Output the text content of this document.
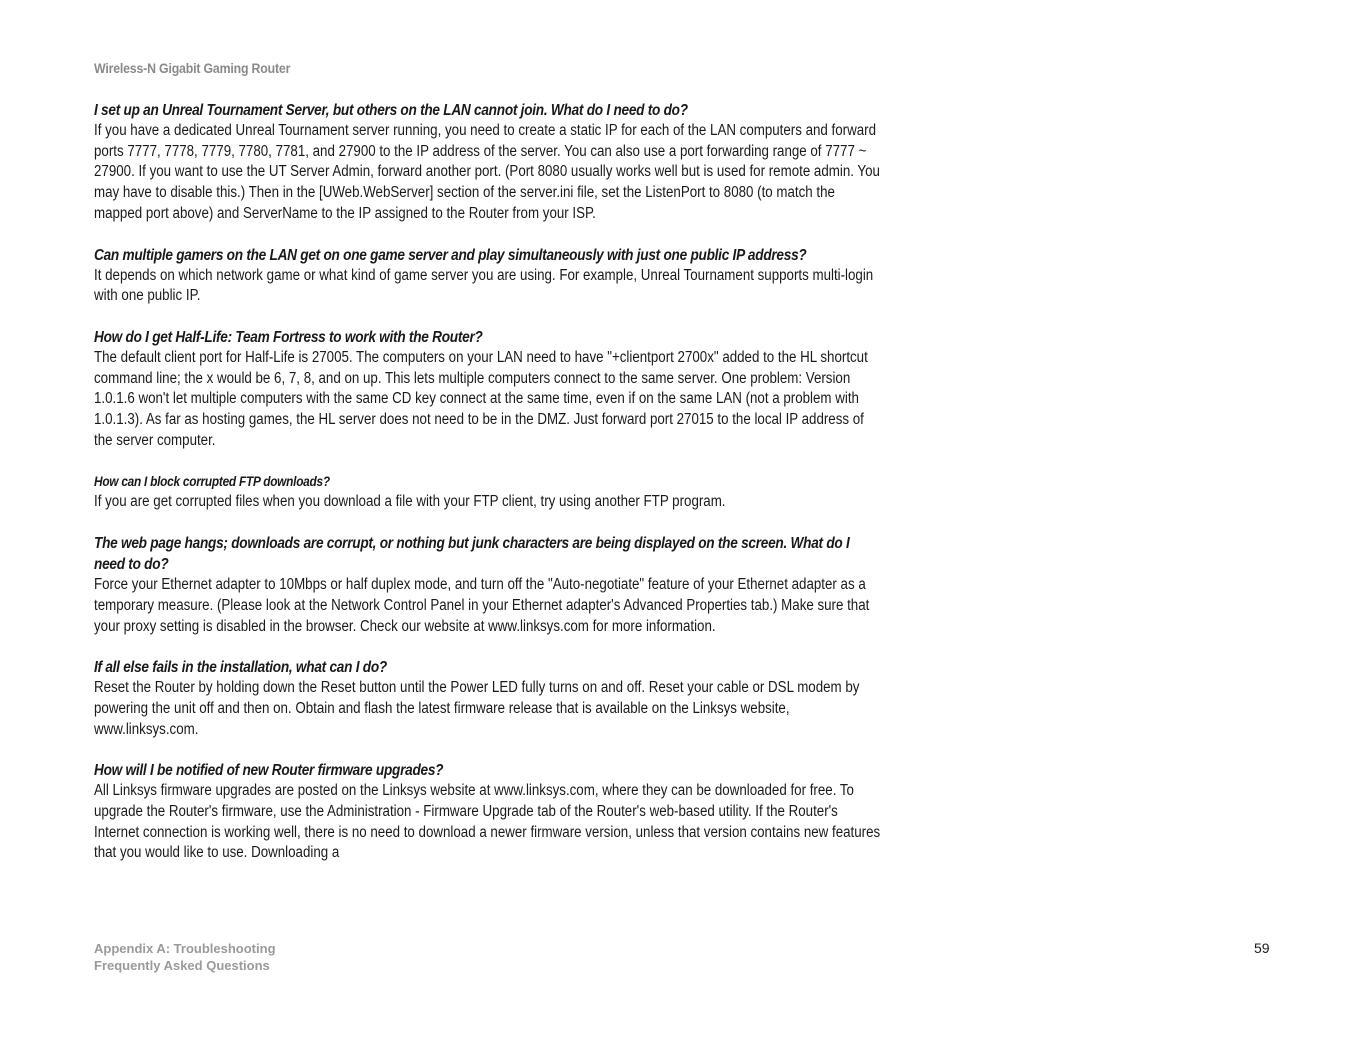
Wireless-N Gigabit Gaming Router

I set up an Unreal Tournament Server, but others on the LAN cannot join. What do I need to do?

If you have a dedicated Unreal Tournament server running, you need to create a static IP for each of the LAN computers and forward ports 7777, 7778, 7779, 7780, 7781, and 27900 to the IP address of the server. You can also use a port forwarding range of 7777 ~ 27900. If you want to use the UT Server Admin, forward another port. (Port 8080 usually works well but is used for remote admin. You may have to disable this.) Then in the [UWeb.WebServer] section of the server.ini file, set the ListenPort to 8080 (to match the mapped port above) and ServerName to the IP assigned to the Router from your ISP.

Can multiple gamers on the LAN get on one game server and play simultaneously with just one public IP address?

It depends on which network game or what kind of game server you are using. For example, Unreal Tournament supports multi-login with one public IP.

How do I get Half-Life: Team Fortress to work with the Router?

The default client port for Half-Life is 27005. The computers on your LAN need to have "+clientport 2700x" added to the HL shortcut command line; the x would be 6, 7, 8, and on up. This lets multiple computers connect to the same server. One problem: Version 1.0.1.6 won't let multiple computers with the same CD key connect at the same time, even if on the same LAN (not a problem with 1.0.1.3). As far as hosting games, the HL server does not need to be in the DMZ. Just forward port 27015 to the local IP address of the server computer.

How can I block corrupted FTP downloads?

If you are get corrupted files when you download a file with your FTP client, try using another FTP program.

The web page hangs; downloads are corrupt, or nothing but junk characters are being displayed on the screen. What do I need to do?

Force your Ethernet adapter to 10Mbps or half duplex mode, and turn off the "Auto-negotiate" feature of your Ethernet adapter as a temporary measure. (Please look at the Network Control Panel in your Ethernet adapter's Advanced Properties tab.) Make sure that your proxy setting is disabled in the browser. Check our website at www.linksys.com for more information.

If all else fails in the installation, what can I do?

Reset the Router by holding down the Reset button until the Power LED fully turns on and off. Reset your cable or DSL modem by powering the unit off and then on. Obtain and flash the latest firmware release that is available on the Linksys website, www.linksys.com.

How will I be notified of new Router firmware upgrades?

All Linksys firmware upgrades are posted on the Linksys website at www.linksys.com, where they can be downloaded for free. To upgrade the Router's firmware, use the Administration - Firmware Upgrade tab of the Router's web-based utility. If the Router's Internet connection is working well, there is no need to download a newer firmware version, unless that version contains new features that you would like to use. Downloading a

Appendix A: Troubleshooting
Frequently Asked Questions
59
